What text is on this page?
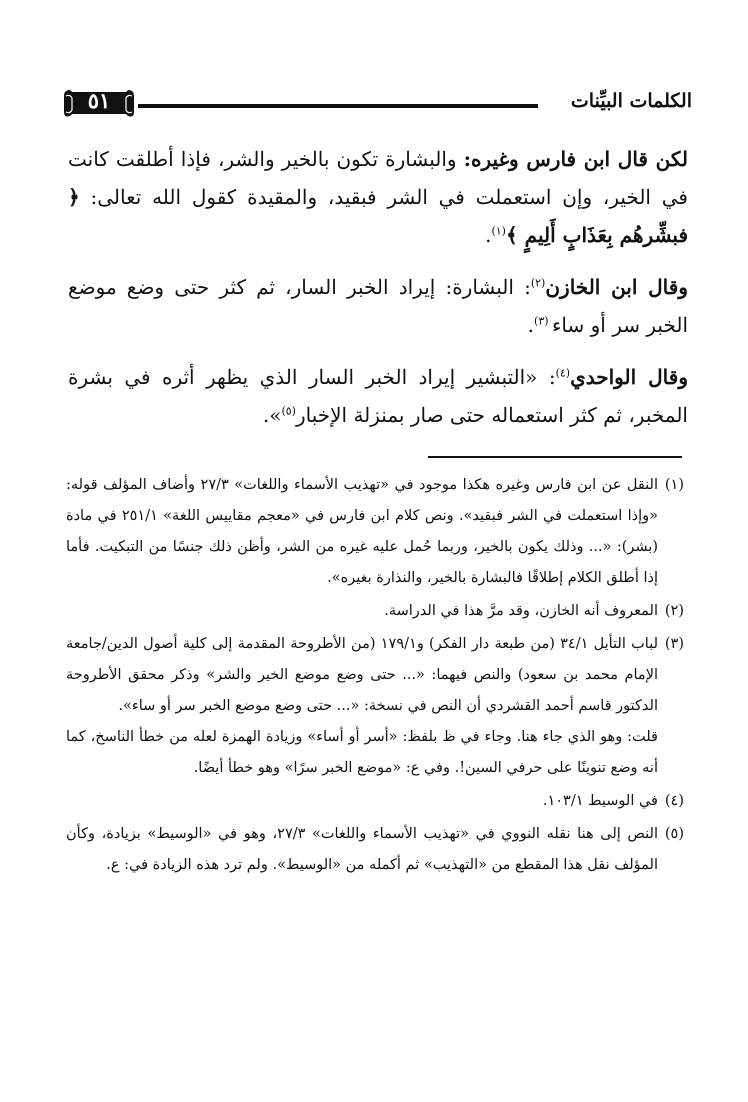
الكلمات البيِّنات
٥١

لكن قال ابن فارس وغيره: والبشارة تكون بالخير والشر، فإذا أطلقت كانت في الخير، وإن استعملت في الشر فبقيد، والمقيدة كقول الله تعالى: ﴿ فبشِّرهُم بِعَذَابٍ أَلِيمٍ ﴾$^{(١)}$.

وقال ابن الخازن$^{(٢)}$: البشارة: إيراد الخبر السار، ثم كثر حتى وضع موضع الخبر سر أو ساء $^{(٣)}$.

وقال الواحدي$^{(٤)}$: «التبشير إيراد الخبر السار الذي يظهر أثره في بشرة المخبر، ثم كثر استعماله حتى صار بمنزلة الإخبار$^{(٥)}$».

(١)
النقل عن ابن فارس وغيره هكذا موجود في «تهذيب الأسماء واللغات» ٢٧/٣ وأضاف المؤلف قوله: «وإذا استعملت في الشر فبقيد». ونص كلام ابن فارس في «معجم مقاييس اللغة» ٢٥١/١ في مادة (بشر): «... وذلك يكون بالخير، وربما حُمل عليه غيره من الشر، وأظن ذلك جنسًا من التبكيت. فأما إذا أطلق الكلام إطلاقًا فالبشارة بالخير، والنذارة بغيره».
(٢)
المعروف أنه الخازن، وقد مرَّ هذا في الدراسة.
(٣)
لباب التأيل ٣٤/١ (من طبعة دار الفكر) و١٧٩/١ (من الأطروحة المقدمة إلى كلية أصول الدين/جامعة الإمام محمد بن سعود) والنص فيهما: «... حتى وضع موضع الخير والشر» وذكر محقق الأطروحة الدكتور قاسم أحمد القشردي أن النص في نسخة: «... حتى وضع موضع الخبر سر أو ساء».

قلت: وهو الذي جاء هنا. وجاء في ظ بلفظ: «أسر أو أساء» وزيادة الهمزة لعله من خطأ الناسخ، كما أنه وضع تنوينًا على حرفي السين!. وفي ع: «موضع الخبر سرًا» وهو خطأ أيضًا.

(٤)
في الوسيط ١٠٣/١.
(٥)
النص إلى هنا نقله النووي في «تهذيب الأسماء واللغات» ٢٧/٣، وهو في «الوسيط» بزيادة، وكأن المؤلف نقل هذا المقطع من «التهذيب» ثم أكمله من «الوسيط». ولم ترد هذه الزيادة في: ع.
